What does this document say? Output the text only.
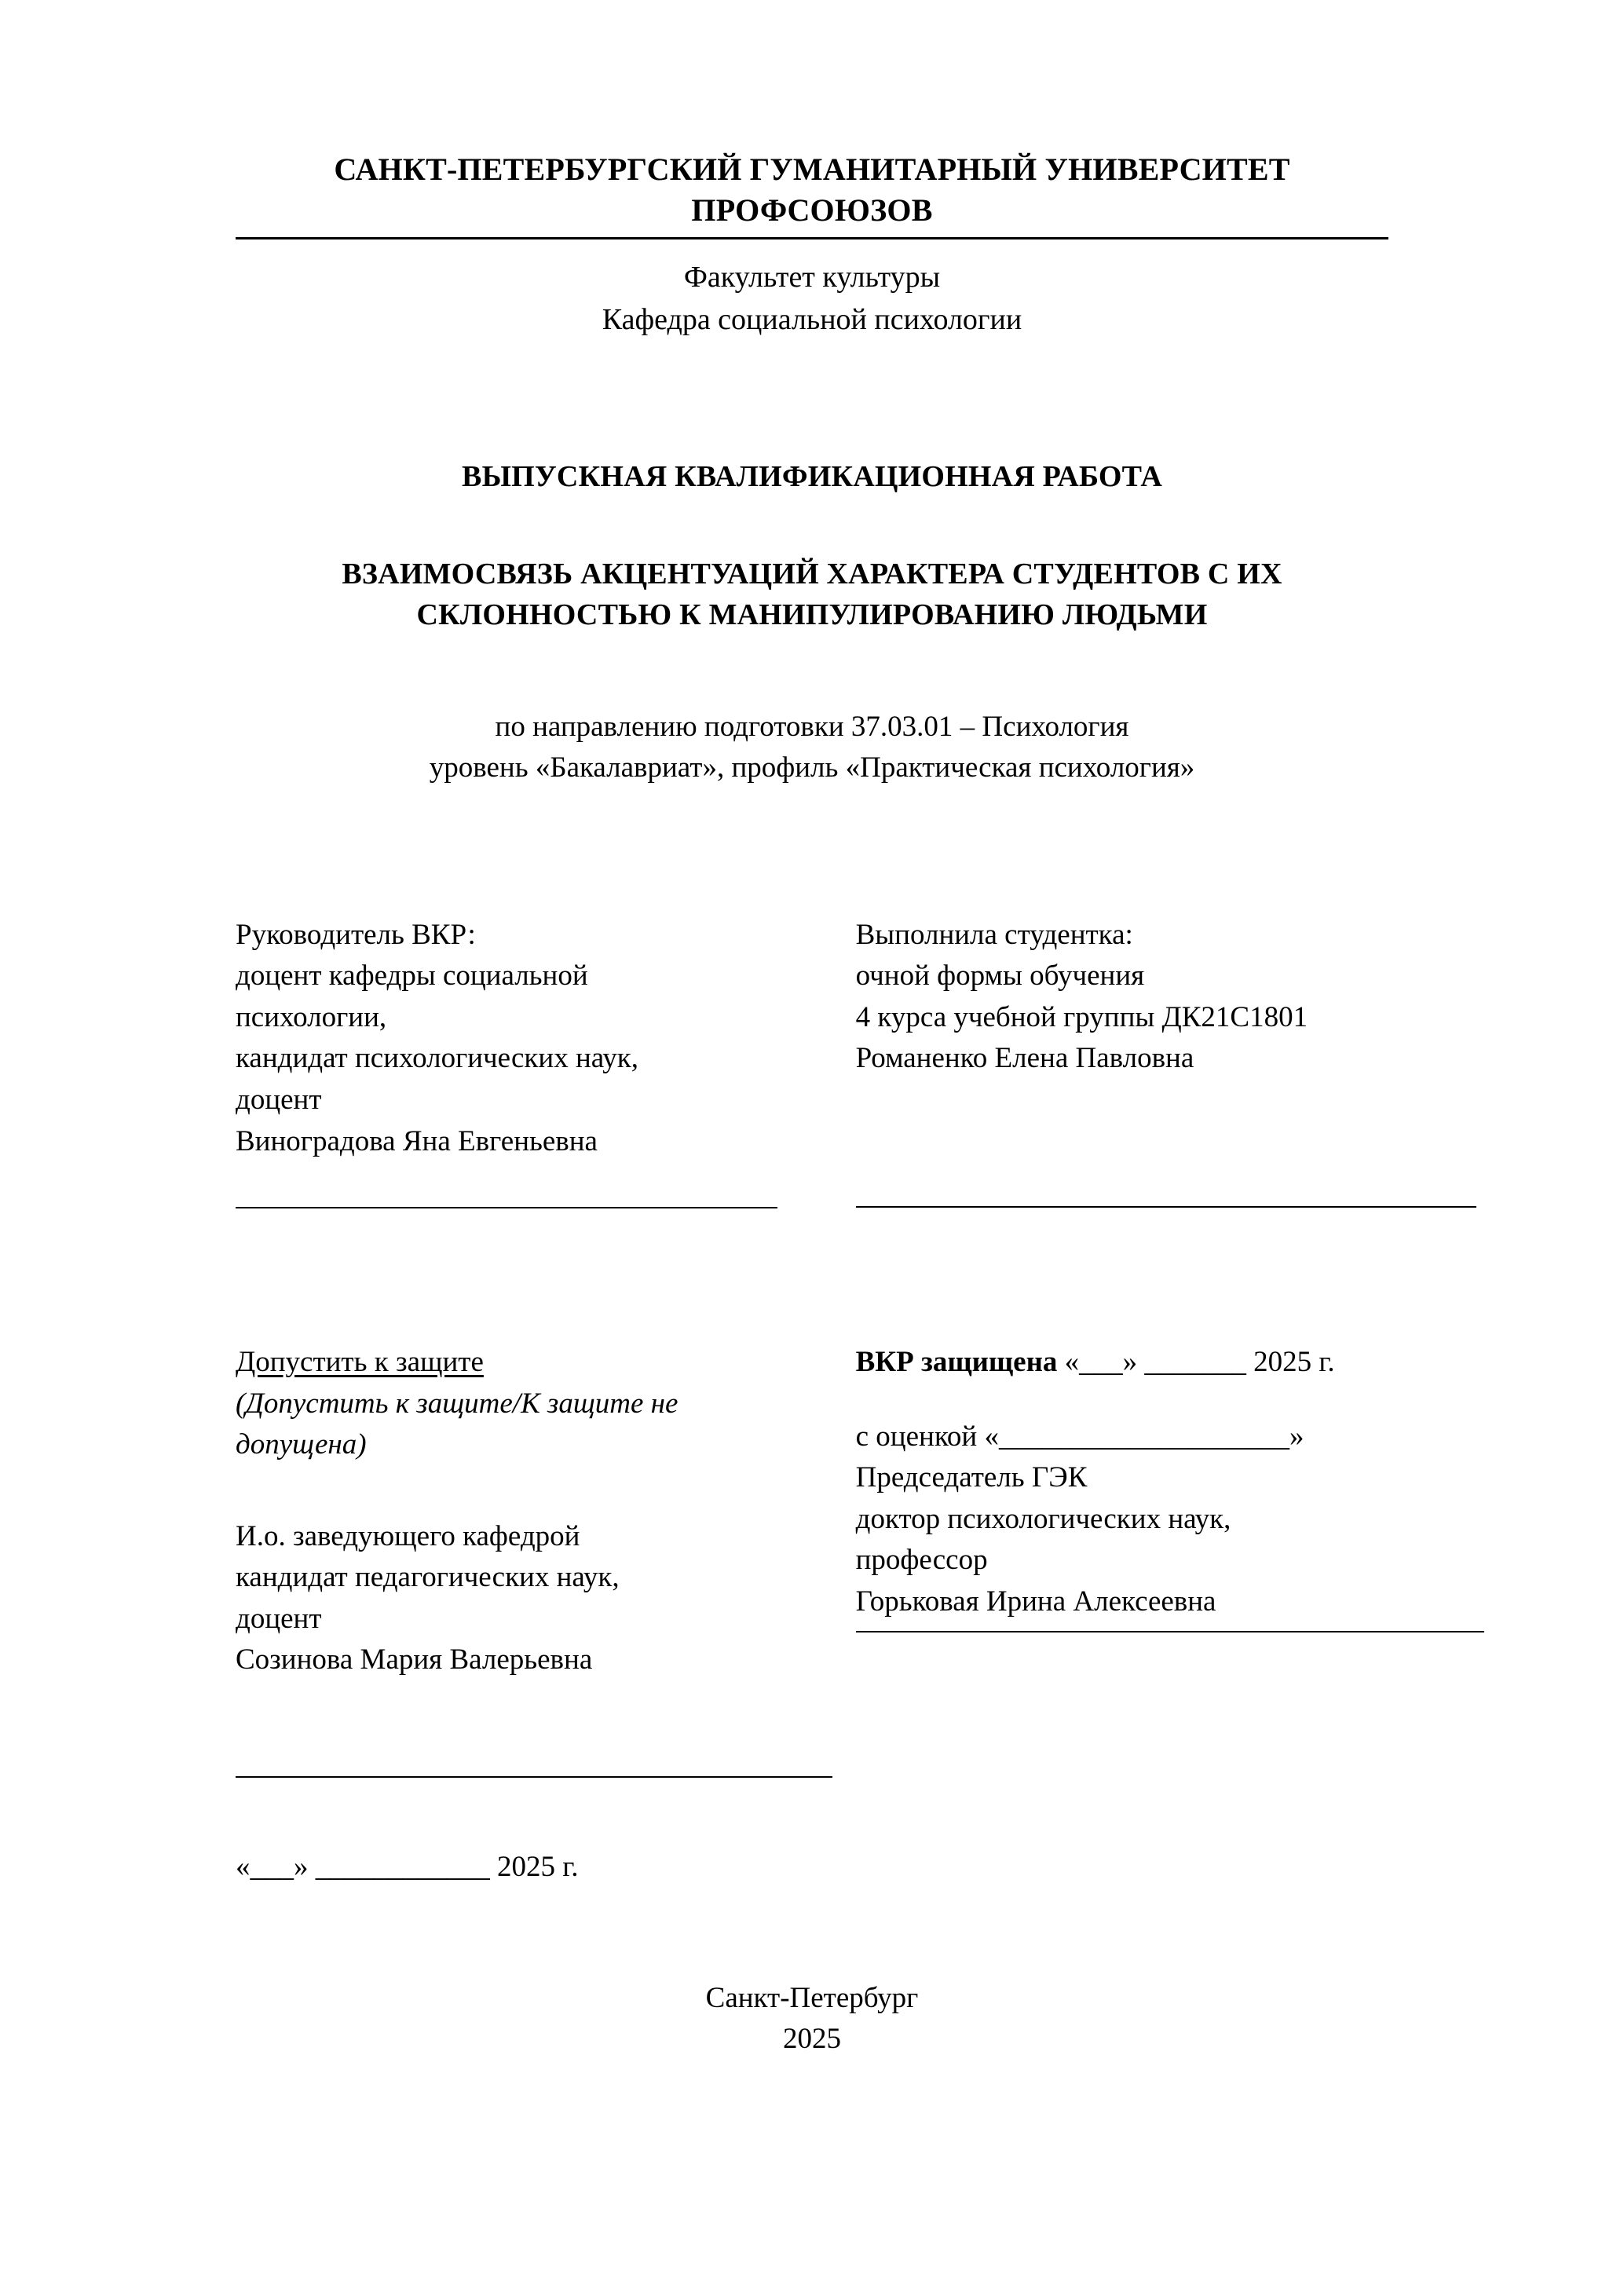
САНКТ-ПЕТЕРБУРГСКИЙ ГУМАНИТАРНЫЙ УНИВЕРСИТЕТ
ПРОФСОЮЗОВ
Факультет культуры
Кафедра социальной психологии
ВЫПУСКНАЯ КВАЛИФИКАЦИОННАЯ РАБОТА
ВЗАИМОСВЯЗЬ АКЦЕНТУАЦИЙ ХАРАКТЕРА СТУДЕНТОВ С ИХ
СКЛОННОСТЬЮ К МАНИПУЛИРОВАНИЮ ЛЮДЬМИ
по направлению подготовки 37.03.01 – Психология
уровень «Бакалавриат», профиль «Практическая психология»
Руководитель ВКР:
доцент кафедры социальной
психологии,
кандидат психологических наук,
доцент
Виноградова Яна Евгеньевна
Выполнила студентка:
очной формы обучения
4 курса учебной группы ДК21С1801
Романенко Елена Павловна
Допустить к защите
(Допустить к защите/К защите не
допущена)
И.о. заведующего кафедрой
кандидат педагогических наук,
доцент
Созинова Мария Валерьевна
«___» ____________ 2025 г.
ВКР защищена «___» _______ 2025 г.
с оценкой «____________________»
Председатель ГЭК
доктор психологических наук,
профессор
Горьковая Ирина Алексеевна
Санкт-Петербург
2025
